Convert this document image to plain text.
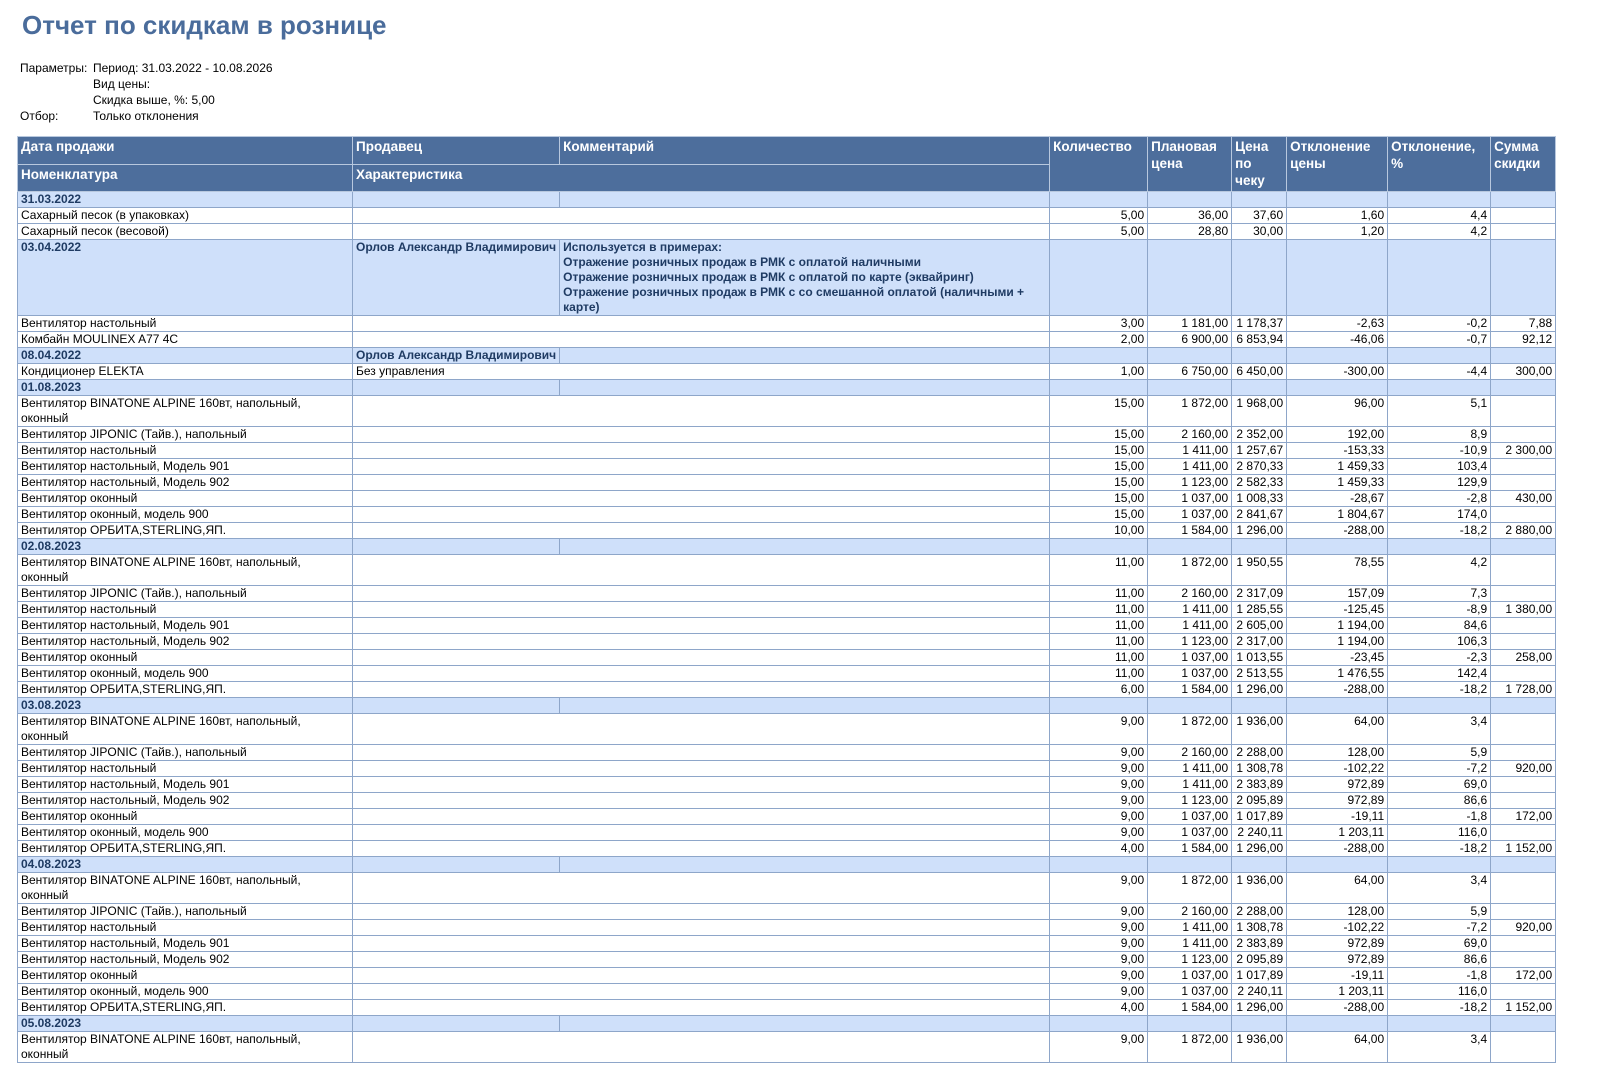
Отчет по скидкам в рознице
Параметры: Период: 31.03.2022 - 10.08.2026
Вид цены:
Скидка выше, %: 5,00
Отбор:	Только отклонения
Дата продажи	Продавец	Комментарий	Количество	Плановая цена	Цена по чеку	Отклонение цены	Отклонение, %	Сумма скидки
Номенклатура	Характеристика							
31.03.2022								
Сахарный песок (в упаковках)			5,00	36,00	37,60	1,60	4,4	
Сахарный песок (весовой)			5,00	28,80	30,00	1,20	4,2	
03.04.2022	Орлов Александр Владимирович	Используется в примерах:
Отражение розничных продаж в РМК с оплатой наличными
Отражение розничных продаж в РМК с оплатой по карте (эквайринг)
Отражение розничных продаж в РМК с со смешанной оплатой (наличными + карте)						
Вентилятор настольный			3,00	1 181,00	1 178,37	-2,63	-0,2	7,88
Комбайн MOULINEX A77 4C			2,00	6 900,00	6 853,94	-46,06	-0,7	92,12
08.04.2022	Орлов Александр Владимирович							
Кондиционер ELEKTA	Без управления		1,00	6 750,00	6 450,00	-300,00	-4,4	300,00
01.08.2023								
Вентилятор BINATONE ALPINE 160вт, напольный, оконный			15,00	1 872,00	1 968,00	96,00	5,1	
Вентилятор JIPONIC (Тайв.), напольный			15,00	2 160,00	2 352,00	192,00	8,9	
Вентилятор настольный			15,00	1 411,00	1 257,67	-153,33	-10,9	2 300,00
Вентилятор настольный, Модель 901			15,00	1 411,00	2 870,33	1 459,33	103,4	
Вентилятор настольный, Модель 902			15,00	1 123,00	2 582,33	1 459,33	129,9	
Вентилятор оконный			15,00	1 037,00	1 008,33	-28,67	-2,8	430,00
Вентилятор оконный, модель 900			15,00	1 037,00	2 841,67	1 804,67	174,0	
Вентилятор ОРБИТА,STERLING,ЯП.			10,00	1 584,00	1 296,00	-288,00	-18,2	2 880,00
02.08.2023								
Вентилятор BINATONE ALPINE 160вт, напольный, оконный			11,00	1 872,00	1 950,55	78,55	4,2	
Вентилятор JIPONIC (Тайв.), напольный			11,00	2 160,00	2 317,09	157,09	7,3	
Вентилятор настольный			11,00	1 411,00	1 285,55	-125,45	-8,9	1 380,00
Вентилятор настольный, Модель 901			11,00	1 411,00	2 605,00	1 194,00	84,6	
Вентилятор настольный, Модель 902			11,00	1 123,00	2 317,00	1 194,00	106,3	
Вентилятор оконный			11,00	1 037,00	1 013,55	-23,45	-2,3	258,00
Вентилятор оконный, модель 900			11,00	1 037,00	2 513,55	1 476,55	142,4	
Вентилятор ОРБИТА,STERLING,ЯП.			6,00	1 584,00	1 296,00	-288,00	-18,2	1 728,00
03.08.2023								
Вентилятор BINATONE ALPINE 160вт, напольный, оконный			9,00	1 872,00	1 936,00	64,00	3,4	
Вентилятор JIPONIC (Тайв.), напольный			9,00	2 160,00	2 288,00	128,00	5,9	
Вентилятор настольный			9,00	1 411,00	1 308,78	-102,22	-7,2	920,00
Вентилятор настольный, Модель 901			9,00	1 411,00	2 383,89	972,89	69,0	
Вентилятор настольный, Модель 902			9,00	1 123,00	2 095,89	972,89	86,6	
Вентилятор оконный			9,00	1 037,00	1 017,89	-19,11	-1,8	172,00
Вентилятор оконный, модель 900			9,00	1 037,00	2 240,11	1 203,11	116,0	
Вентилятор ОРБИТА,STERLING,ЯП.			4,00	1 584,00	1 296,00	-288,00	-18,2	1 152,00
04.08.2023								
Вентилятор BINATONE ALPINE 160вт, напольный, оконный			9,00	1 872,00	1 936,00	64,00	3,4	
Вентилятор JIPONIC (Тайв.), напольный			9,00	2 160,00	2 288,00	128,00	5,9	
Вентилятор настольный			9,00	1 411,00	1 308,78	-102,22	-7,2	920,00
Вентилятор настольный, Модель 901			9,00	1 411,00	2 383,89	972,89	69,0	
Вентилятор настольный, Модель 902			9,00	1 123,00	2 095,89	972,89	86,6	
Вентилятор оконный			9,00	1 037,00	1 017,89	-19,11	-1,8	172,00
Вентилятор оконный, модель 900			9,00	1 037,00	2 240,11	1 203,11	116,0	
Вентилятор ОРБИТА,STERLING,ЯП.			4,00	1 584,00	1 296,00	-288,00	-18,2	1 152,00
05.08.2023								
Вентилятор BINATONE ALPINE 160вт, напольный, оконный			9,00	1 872,00	1 936,00	64,00	3,4	
